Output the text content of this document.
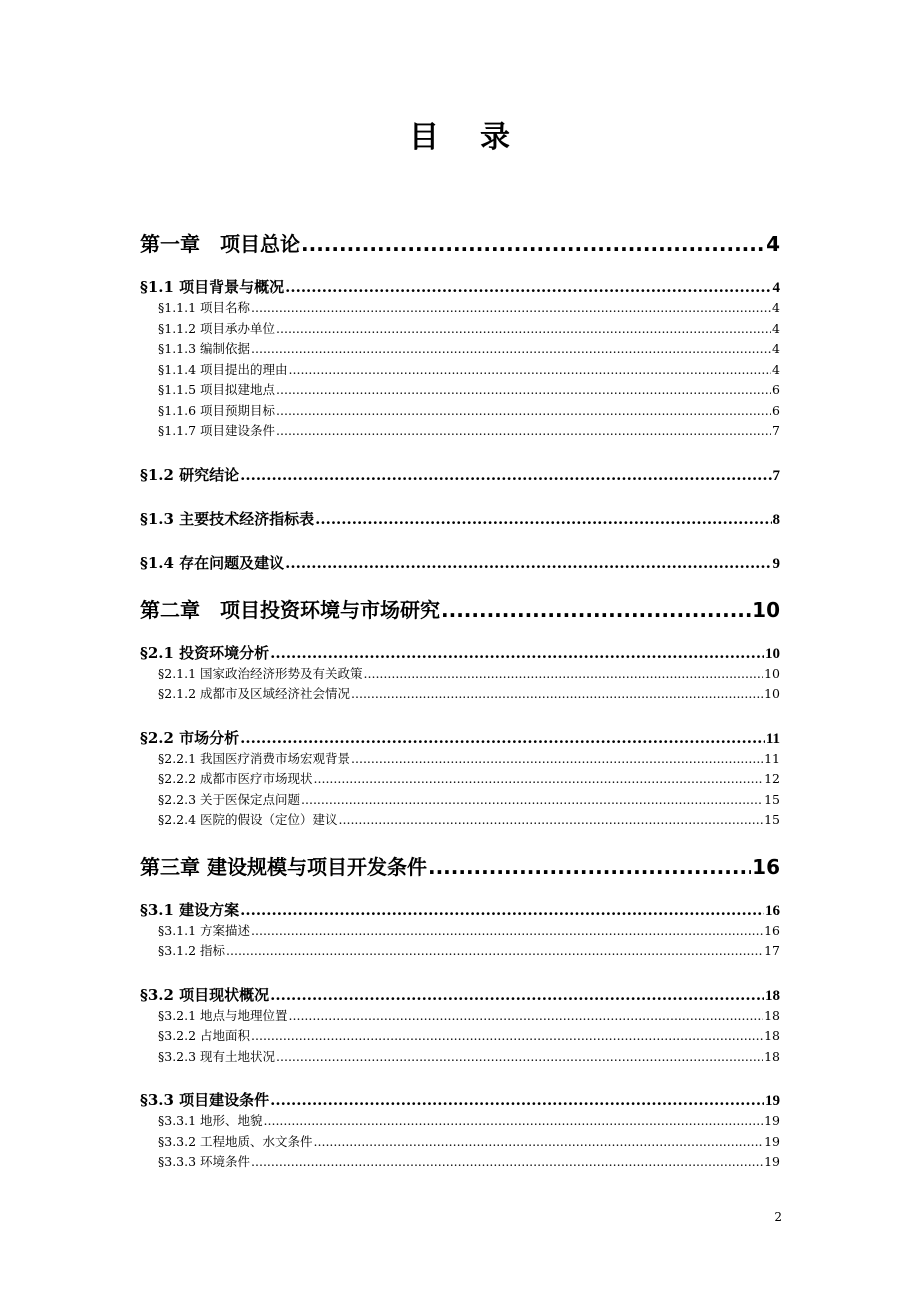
目 录
第一章　项目总论 .....	4
§1.1 项目背景与概况 .....	4
§1.1.1 项目名称 .....	4
§1.1.2 项目承办单位 .....	4
§1.1.3 编制依据 .....	4
§1.1.4 项目提出的理由 .....	4
§1.1.5 项目拟建地点 .....	6
§1.1.6 项目预期目标 .....	6
§1.1.7 项目建设条件 .....	7
§1.2 研究结论 .....	7
§1.3 主要技术经济指标表 .....	8
§1.4 存在问题及建议 .....	9
第二章　项目投资环境与市场研究 .....	10
§2.1 投资环境分析 .....	10
§2.1.1 国家政治经济形势及有关政策 .....	10
§2.1.2 成都市及区域经济社会情况 .....	10
§2.2 市场分析 .....	11
§2.2.1 我国医疗消费市场宏观背景 .....	11
§2.2.2 成都市医疗市场现状 .....	12
§2.2.3 关于医保定点问题 .....	15
§2.2.4 医院的假设（定位）建议 .....	15
第三章 建设规模与项目开发条件 .....	16
§3.1 建设方案 .....	16
§3.1.1 方案描述 .....	16
§3.1.2 指标 .....	17
§3.2 项目现状概况 .....	18
§3.2.1 地点与地理位置 .....	18
§3.2.2 占地面积 .....	18
§3.2.3 现有土地状况 .....	18
§3.3 项目建设条件 .....	19
§3.3.1 地形、地貌 .....	19
§3.3.2 工程地质、水文条件 .....	19
§3.3.3 环境条件 .....	19
2
